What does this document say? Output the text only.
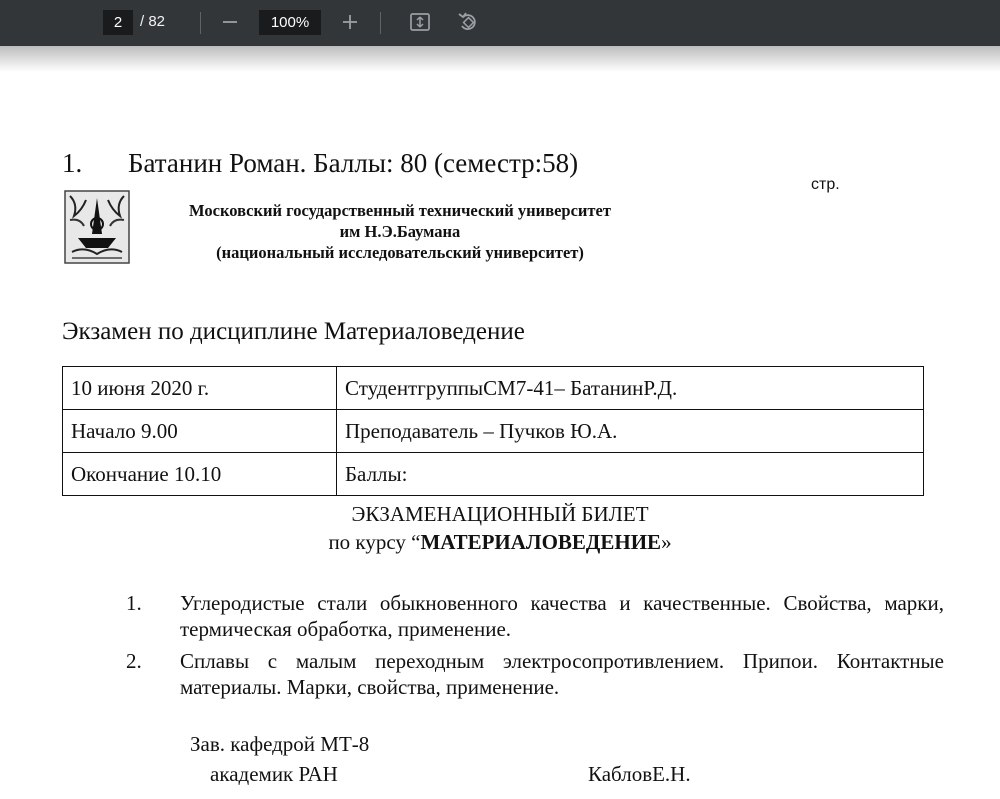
2
/ 82	100%
1. Батанин Роман. Баллы: 80 (семестр:58)
стр.
Московский государственный технический университет
им Н.Э.Баумана
(национальный исследовательский университет)
Экзамен по дисциплине Материаловедение
10 июня 2020 г.	СтудентгруппыСМ7-41– БатанинР.Д.
Начало 9.00	Преподаватель – Пучков Ю.А.
Окончание 10.10	Баллы:
ЭКЗАМЕНАЦИОННЫЙ БИЛЕТ
по курсу “МАТЕРИАЛОВЕДЕНИЕ»
1. Углеродистые стали обыкновенного качества и качественные. Свойства, марки, термическая обработка, применение.
2. Сплавы с малым переходным электросопротивлением. Припои. Контактные материалы. Марки, свойства, применение.
Зав. кафедрой МТ-8
академик РАН	КабловЕ.Н.
